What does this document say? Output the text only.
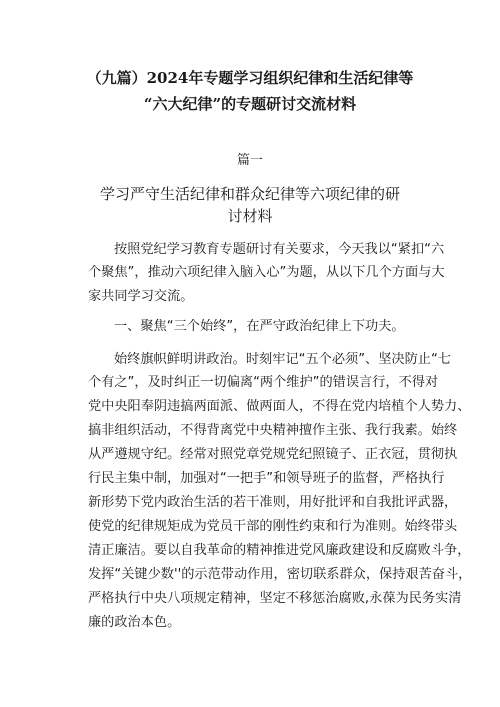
（九篇）2024年专题学习组织纪律和生活纪律等
“六大纪律”的专题研讨交流材料
篇一
学习严守生活纪律和群众纪律等六项纪律的研
讨材料
按照党纪学习教育专题研讨有关要求，今天我以“紧扣“六
个聚焦”，推动六项纪律入脑入心”为题，从以下几个方面与大
家共同学习交流。
一、聚焦“三个始终”，在严守政治纪律上下功夫。
始终旗帜鲜明讲政治。时刻牢记“五个必须”、坚决防止“七
个有之”，及时纠正一切偏离“两个维护”的错误言行，不得对
党中央阳奉阴违搞两面派、做两面人，不得在党内培植个人势力、
搞非组织活动，不得背离党中央精神擅作主张、我行我素。始终
从严遵规守纪。经常对照党章党规党纪照镜子、正衣冠，贯彻执
行民主集中制，加强对“一把手”和领导班子的监督，严格执行
新形势下党内政治生活的若干准则，用好批评和自我批评武器，
使党的纪律规矩成为党员干部的刚性约束和行为准则。始终带头
清正廉洁。要以自我革命的精神推进党风廉政建设和反腐败斗争，
发挥“关键少数''的示范带动作用，密切联系群众，保持艰苦奋斗，
严格执行中央八项规定精神，坚定不移惩治腐败,永葆为民务实清
廉的政治本色。
